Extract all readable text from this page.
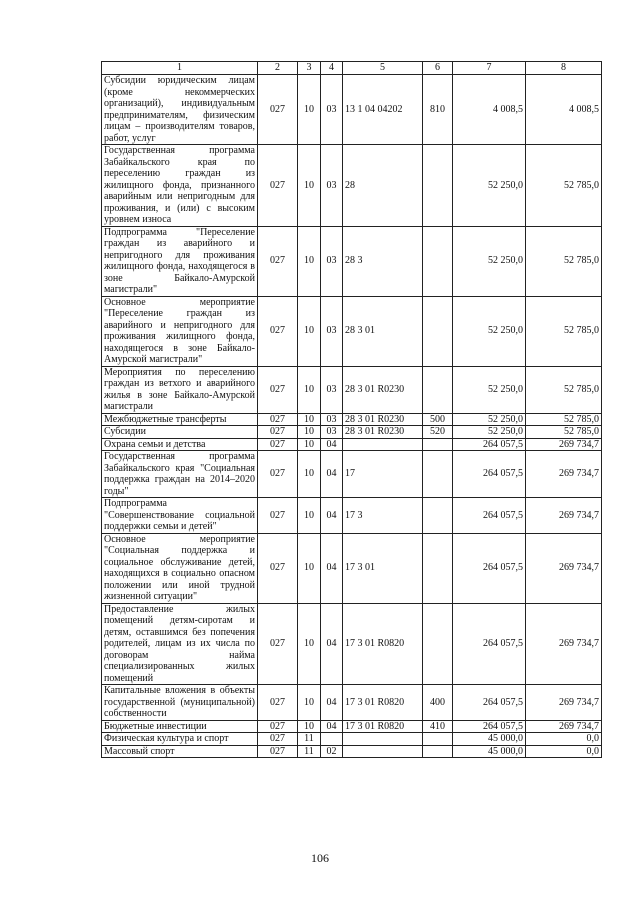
1	2	3	4	5	6	7	8
Субсидии юридическим лицам (кроме некоммерческих организаций), индивидуальным предпринимателям, физическим лицам – производителям товаров, работ, услуг	027	10	03	13 1 04 04202	810	4 008,5	4 008,5
Государственная программа Забайкальского края по переселению граждан из жилищного фонда, признанного аварийным или непригодным для проживания, и (или) с высоким уровнем износа	027	10	03	28		52 250,0	52 785,0
Подпрограмма "Переселение граждан из аварийного и непригодного для проживания жилищного фонда, находящегося в зоне Байкало-Амурской магистрали"	027	10	03	28 3		52 250,0	52 785,0
Основное мероприятие "Переселение граждан из аварийного и непригодного для проживания жилищного фонда, находящегося в зоне Байкало-Амурской магистрали"	027	10	03	28 3 01		52 250,0	52 785,0
Мероприятия по переселению граждан из ветхого и аварийного жилья в зоне Байкало-Амурской магистрали	027	10	03	28 3 01 R0230		52 250,0	52 785,0
Межбюджетные трансферты	027	10	03	28 3 01 R0230	500	52 250,0	52 785,0
Субсидии	027	10	03	28 3 01 R0230	520	52 250,0	52 785,0
Охрана семьи и детства	027	10	04			264 057,5	269 734,7
Государственная программа Забайкальского края "Социальная поддержка граждан на 2014–2020 годы"	027	10	04	17		264 057,5	269 734,7
Подпрограмма "Совершенствование социальной поддержки семьи и детей"	027	10	04	17 3		264 057,5	269 734,7
Основное мероприятие "Социальная поддержка и социальное обслуживание детей, находящихся в социально опасном положении или иной трудной жизненной ситуации"	027	10	04	17 3 01		264 057,5	269 734,7
Предоставление жилых помещений детям-сиротам и детям, оставшимся без попечения родителей, лицам из их числа по договорам найма специализированных жилых помещений	027	10	04	17 3 01 R0820		264 057,5	269 734,7
Капитальные вложения в объекты государственной (муниципальной) собственности	027	10	04	17 3 01 R0820	400	264 057,5	269 734,7
Бюджетные инвестиции	027	10	04	17 3 01 R0820	410	264 057,5	269 734,7
Физическая культура и спорт	027	11				45 000,0	0,0
Массовый спорт	027	11	02			45 000,0	0,0
106
